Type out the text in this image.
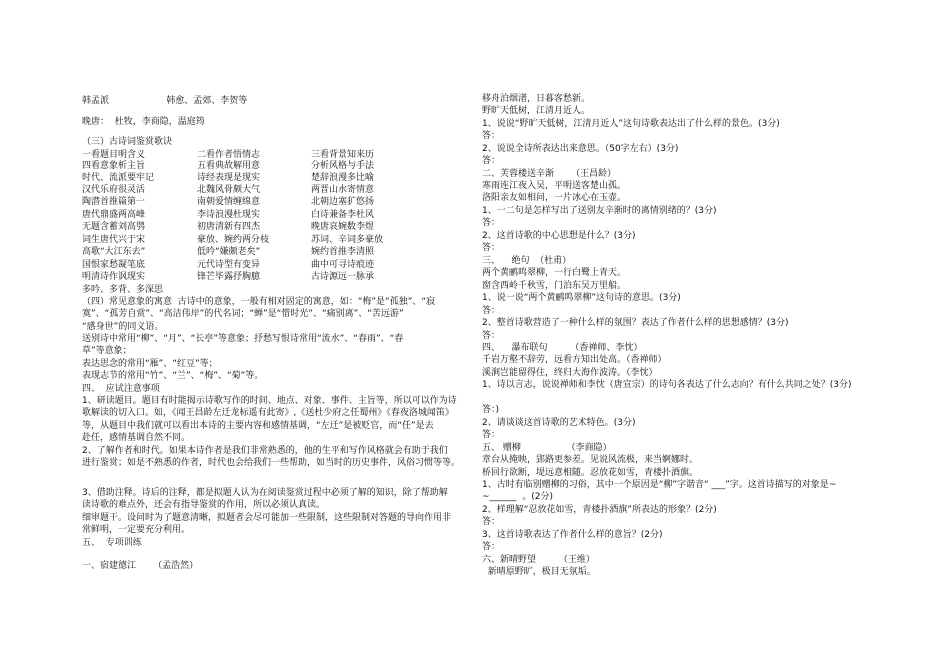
韩孟派                    韩愈、孟郊、李贺等
晚唐：  杜牧，李商隐，温庭筠
（三）古诗词鉴赏歌诀
一看题目明含义	二看作者悟情志	三看背景知来历
四看意象析主旨	五看典故解用意	分析风格与手法
时代、流派要牢记	诗经表现是现实	楚辞浪漫多比喻
汉代乐府很灵活	北魏风骨颇大气	两晋山水寄情意
陶潜首推篇第一	南朝爱情缠绵意	北朝边塞犷悠扬
唐代鼎盛两高峰	李诗浪漫杜现实	白诗兼备李杜风
无题含蓄刘高鸮	初唐清新有四杰	晚唐哀婉数李煜
词生唐代兴于宋	豪放、婉约两分枝	苏词、辛词多豪放
高歌“大江东去”	低吟“嫌颇老矣”	婉约首推李清照
国恨家愁凝笔底	元代诗型有变异	曲中可寻诗痕迹
明清诗作讽现实	锋芒毕露抒胸臆	古诗源远一脉承
多吟、多背、多深思
（四）常见意象的寓意  古诗中的意象，一般有相对固定的寓意，如：“梅”是“孤独”、“寂
寞”、“孤芳自赏”、“高洁伟岸”的代名词；“蝉”是“惜时光”、“痛别离”、“苦远游”
“感身世”的同义语。
送别诗中常用“柳”、“月”、“长亭”等意象；抒愁写恨诗常用“流水”、“春雨”、“春
草”等意象；
表达思念的常用“雁”、“红豆”等；
表现志节的常用“竹”、“兰”、“梅”、“菊”等。
四、  应试注意事项
1、研读题目。题目有时能揭示诗歌写作的时间、地点、对象、事件、主旨等，所以可以作为诗
歌解读的切入口。如，《闻王昌龄左迁龙标遥有此寄》,《送杜少府之任蜀州》《春夜洛城闻笛》
等，从题目中我们就可以看出本诗的主要内容和感情基调，“左迁”是被贬官，而“任”是去
赴任，感情基调自然不同。
2、了解作者和时代。如果本诗作者是我们非常熟悉的，他的生平和写作风格就会有助于我们
进行鉴赏；如是不熟悉的作者，时代也会给我们一些帮助，如当时的历史事件，风俗习惯等等。
3、借助注释。诗后的注释，都是拟题人认为在阅读鉴赏过程中必须了解的知识，除了帮助解
读诗歌的难点外，还会有指导鉴赏的作用，所以必须认真读。
细审题干。设问时为了题意清晰，拟题者会尽可能加一些限制，这些限制对答题的导向作用非
常鲜明，一定要充分利用。
五、  专项训练
一、宿建德江      （孟浩然）
移舟泊烟渚，日暮客愁新。
野旷天低树，江清月近人。
1、说说“野旷天低树，江清月近人”这句诗歌表达出了什么样的景色。(3分)
答：
2、说说全诗所表达出来意思。（50字左右）(3分)
答：
二、芙蓉楼送辛渐      （王昌龄）
寒雨连江夜入吴，平明送客楚山孤。
洛阳亲友如相问，一片冰心在玉壶。
1、一二句是怎样写出了送别友辛渐时的离情别绪的？(3分)
答：
2、这首诗歌的中心思想是什么？(3分)
答：
三、    绝句  （杜甫）
两个黄鹂鸣翠柳，一行白鹭上青天。
窗含西岭千秋雪，门泊东吴万里船。
1、说一说“两个黄鹂鸣翠柳”这句诗的意思。(3分)
答：
2、整首诗歌营造了一种什么样的氛围？表达了作者什么样的思想感情？(3分)
答：
四、    瀑布联句        （香禅师、李忱）
千岩万壑不辞劳，远看方知出处高。（香禅师）
溪涧岂能留得住，终归大海作波涛。（李忱）
1、诗以言志，说说禅师和李忱（唐宣宗）的诗句各表达了什么志向？有什么共同之处？(3分)
答：)
2、请谈谈这首诗歌的艺术特色。(3分)
答：
五、 赠柳                （李商隐）
章台从掩映，郢路更参差。见说风流极，来当婀娜时。
桥回行欲断，堤远意相随。忍放花如雪，青楼扑酒旗。
1、古时有临别赠柳的习俗，其中一个原因是“柳”字谐音“ ___”字。这首诗描写的对象是~
~______  。(2分)
2、样理解“忍放花如雪，青楼扑酒旗”所表达的形象？(2分)
答：
3、这首诗歌表达了作者什么样的意旨？(2分)
答：
六、新晴野望        （王维）
新晴原野旷，极目无氛垢。
